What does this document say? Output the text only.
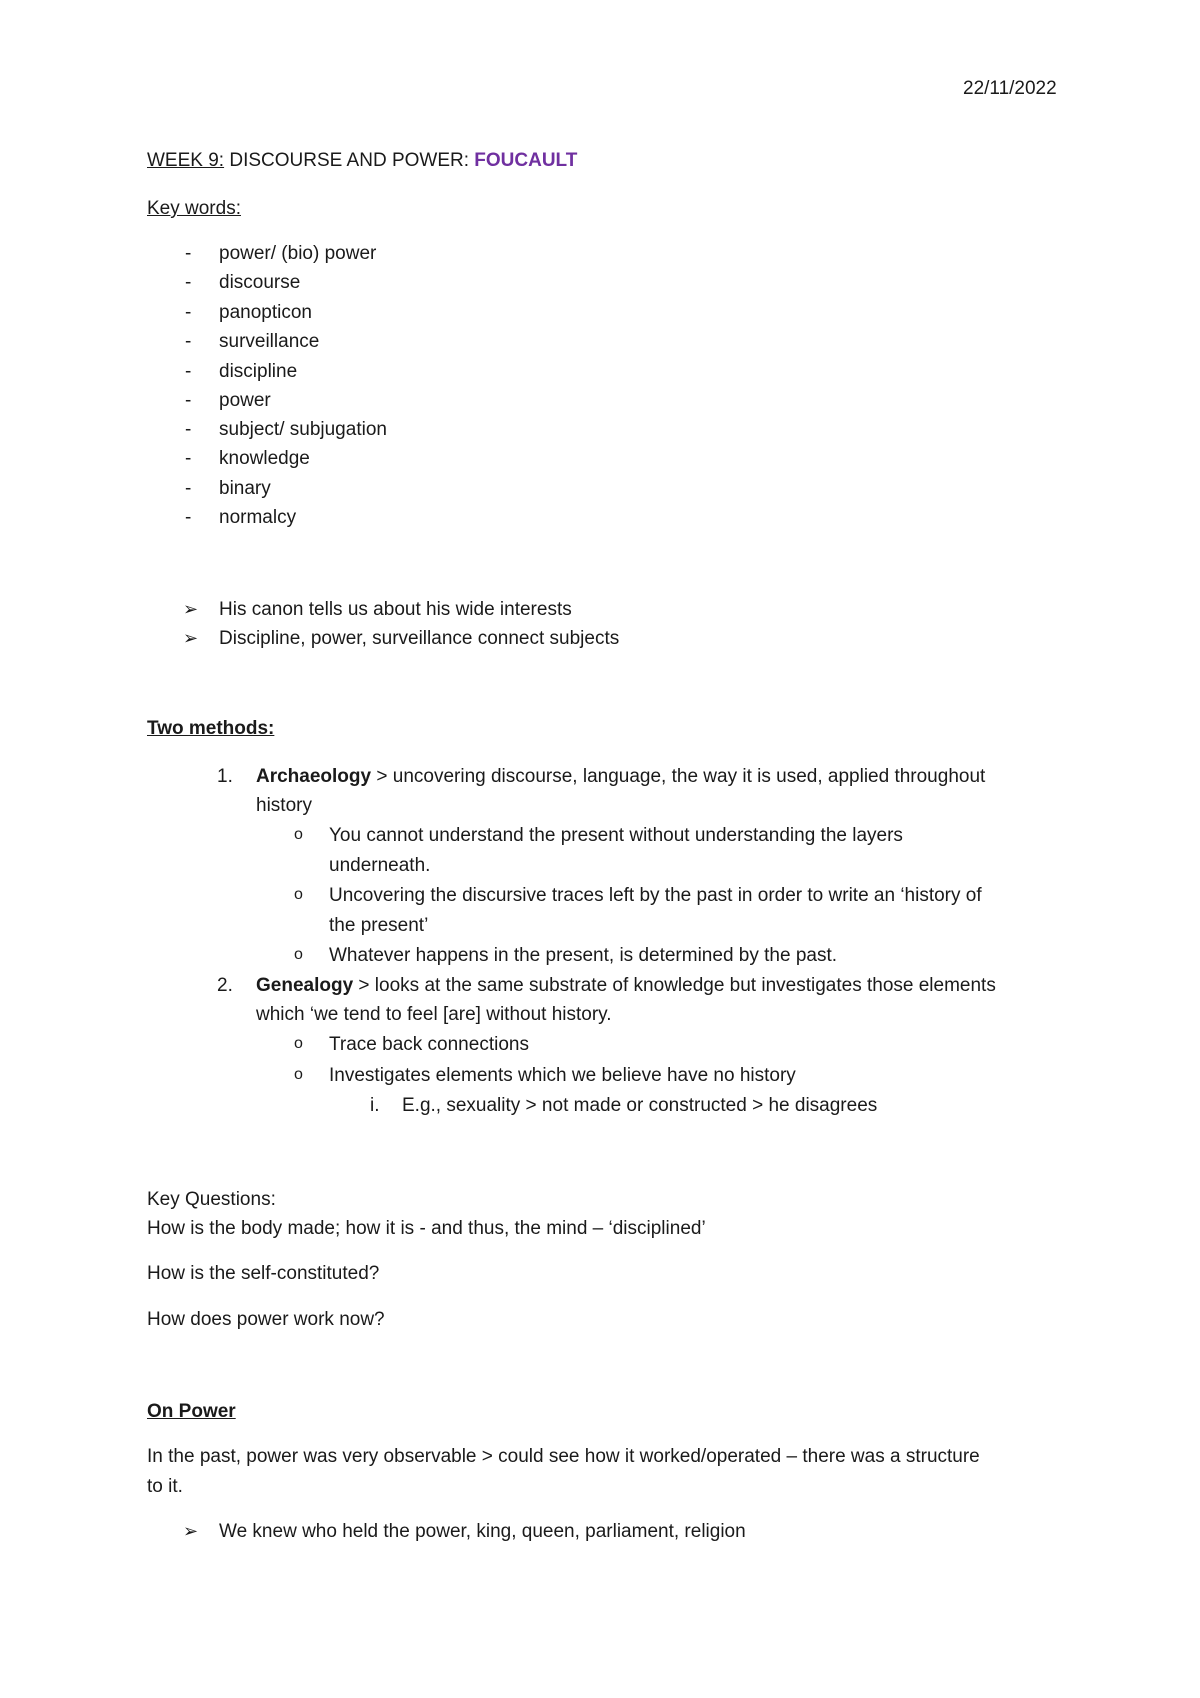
22/11/2022
WEEK 9: DISCOURSE AND POWER: FOUCAULT
Key words:
- power/ (bio) power
- discourse
- panopticon
- surveillance
- discipline
- power
- subject/ subjugation
- knowledge
- binary
- normalcy
➢ His canon tells us about his wide interests
➢ Discipline, power, surveillance connect subjects
Two methods:
1. Archaeology > uncovering discourse, language, the way it is used, applied throughout
history
o You cannot understand the present without understanding the layers
underneath.
o Uncovering the discursive traces left by the past in order to write an ‘history of
the present’
o Whatever happens in the present, is determined by the past.
2. Genealogy > looks at the same substrate of knowledge but investigates those elements
which ‘we tend to feel [are] without history.
o Trace back connections
o Investigates elements which we believe have no history
i. E.g., sexuality > not made or constructed > he disagrees
Key Questions:
How is the body made; how it is - and thus, the mind – ‘disciplined’
How is the self-constituted?
How does power work now?
On Power
In the past, power was very observable > could see how it worked/operated – there was a structure
to it.
➢ We knew who held the power, king, queen, parliament, religion
